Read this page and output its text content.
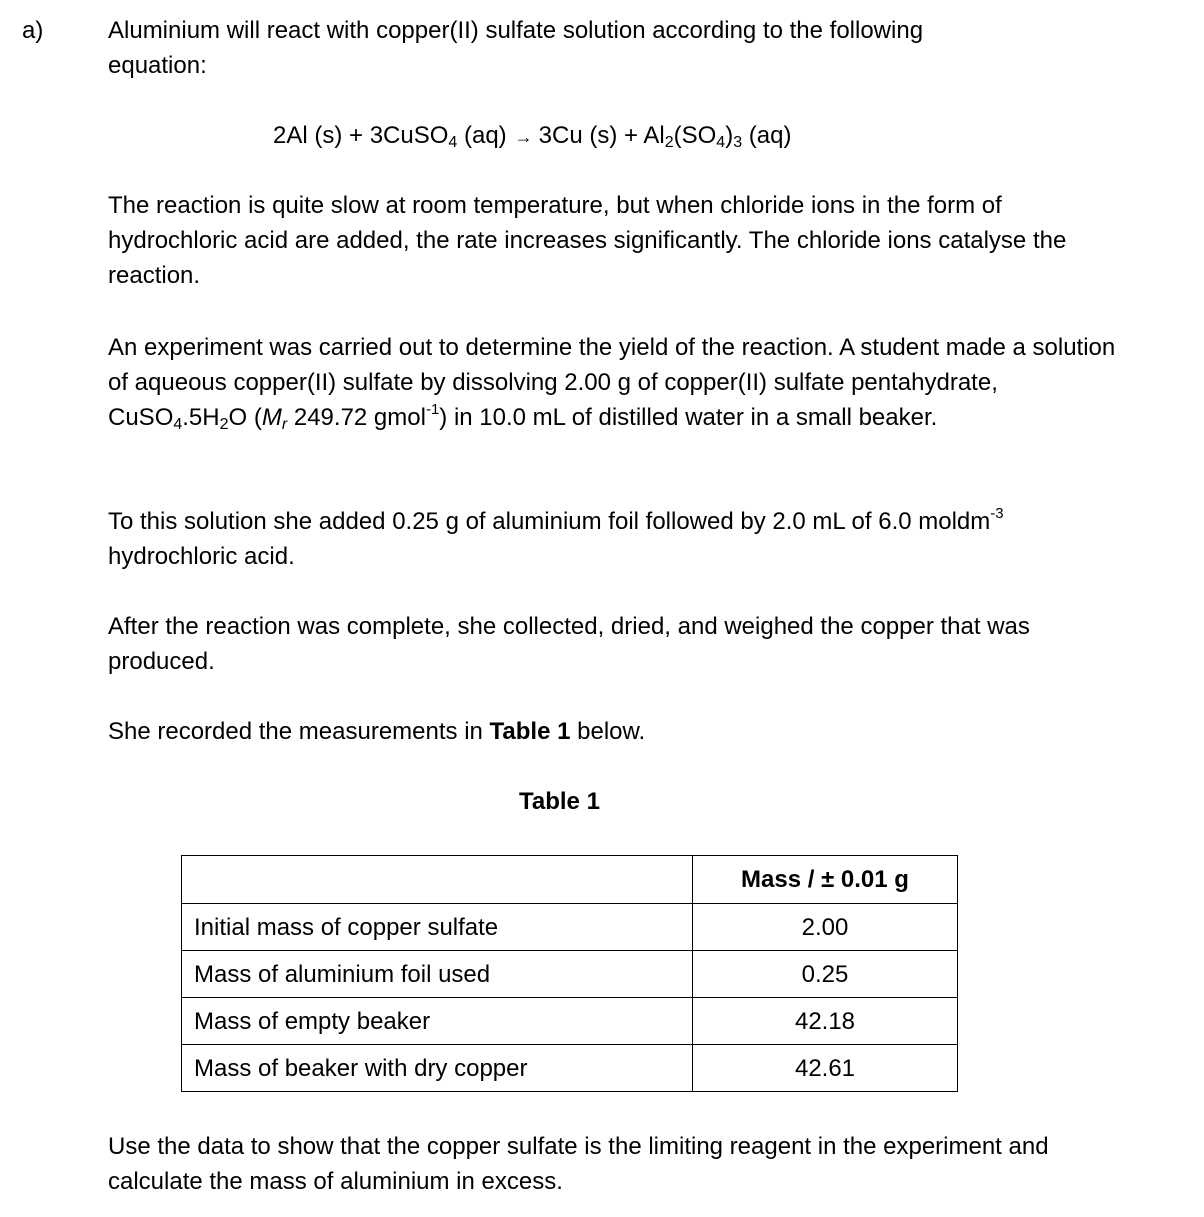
a)	Aluminium will react with copper(II) sulfate solution according to the following
equation:

2Al (s) + 3CuSO$_4$ (aq) → 3Cu $(s) + Al_2(SO_4)_3$ (aq)

The reaction is quite slow at room temperature, but when chloride ions in the form of hydrochloric acid are added, the rate increases significantly. The chloride ions catalyse the reaction.

An experiment was carried out to determine the yield of the reaction. A student made a solution of aqueous copper(II) sulfate by dissolving 2.00 g of copper(II) sulfate pentahydrate, $CuSO_4.5H_2O$ ($M_r$ 249.72 gmol$^{-1}$) in 10.0 mL of distilled water in a small beaker.

To this solution she added 0.25 g of aluminium foil followed by 2.0 mL of 6.0 moldm$^{-3}$
hydrochloric acid.

After the reaction was complete, she collected, dried, and weighed the copper that was produced.

She recorded the measurements in Table 1 below.

Table 1
	Mass / ± 0.01 g
Initial mass of copper sulfate	2.00
Mass of aluminium foil used	0.25
Mass of empty beaker	42.18
Mass of beaker with dry copper	42.61

Use the data to show that the copper sulfate is the limiting reagent in the experiment and calculate the mass of aluminium in excess.
